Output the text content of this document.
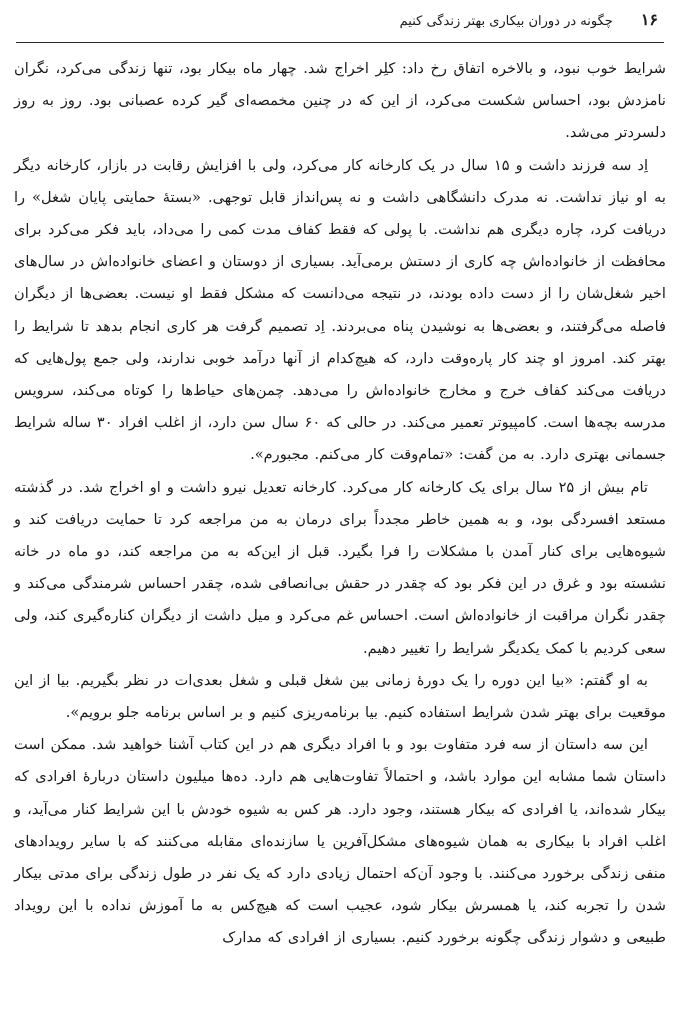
۱۶
چگونه در دوران بیکاری بهتر زندگی کنیم

شرایط خوب نبود، و بالاخره اتفاق رخ داد: کلِر اخراج شد. چهار ماه بیکار بود، تنها زندگی می‌کرد، نگران نامزدش بود، احساس شکست می‌کرد، از این که در چنین مخمصه‌ای گیر کرده عصبانی بود. روز به روز دلسردتر می‌شد.

اِد سه فرزند داشت و ۱۵ سال در یک کارخانه کار می‌کرد، ولی با افزایش رقابت در بازار، کارخانه دیگر به او نیاز نداشت. نه مدرک دانشگاهی داشت و نه پس‌انداز قابل توجهی. «بستهٔ حمایتی پایان شغل» را دریافت کرد، چاره دیگری هم نداشت. با پولی که فقط کفاف مدت کمی را می‌داد، باید فکر می‌کرد برای محافظت از خانواده‌اش چه کاری از دستش برمی‌آید. بسیاری از دوستان و اعضای خانواده‌اش در سال‌های اخیر شغل‌شان را از دست داده بودند، در نتیجه می‌دانست که مشکل فقط او نیست. بعضی‌ها از دیگران فاصله می‌گرفتند، و بعضی‌ها به نوشیدن پناه می‌بردند. اِد تصمیم گرفت هر کاری انجام بدهد تا شرایط را بهتر کند. امروز او چند کار پاره‌وقت دارد، که هیچ‌کدام از آنها درآمد خوبی ندارند، ولی جمع پول‌هایی که دریافت می‌کند کفاف خرج و مخارج خانواده‌اش را می‌دهد. چمن‌های حیاط‌ها را کوتاه می‌کند، سرویس مدرسه بچه‌ها است. کامپیوتر تعمیر می‌کند. در حالی که ۶۰ سال سن دارد، از اغلب افراد ۳۰ ساله شرایط جسمانی بهتری دارد. به من گفت: «تمام‌وقت کار می‌کنم. مجبورم».

تام بیش از ۲۵ سال برای یک کارخانه کار می‌کرد. کارخانه تعدیل نیرو داشت و او اخراج شد. در گذشته مستعد افسردگی بود، و به همین خاطر مجدداً برای درمان به من مراجعه کرد تا حمایت دریافت کند و شیوه‌هایی برای کنار آمدن با مشکلات را فرا بگیرد. قبل از این‌که به من مراجعه کند، دو ماه در خانه نشسته بود و غرق در این فکر بود که چقدر در حقش بی‌انصافی شده، چقدر احساس شرمندگی می‌کند و چقدر نگران مراقبت از خانواده‌اش است. احساس غم می‌کرد و میل داشت از دیگران کناره‌گیری کند، ولی سعی کردیم با کمک یکدیگر شرایط را تغییر دهیم.

به او گفتم: «بیا این دوره را یک دورهٔ زمانی بین شغل قبلی و شغل بعدی‌ات در نظر بگیریم. بیا از این موقعیت برای بهتر شدن شرایط استفاده کنیم. بیا برنامه‌ریزی کنیم و بر اساس برنامه جلو برویم».

این سه داستان از سه فرد متفاوت بود و با افراد دیگری هم در این کتاب آشنا خواهید شد. ممکن است داستان شما مشابه این موارد باشد، و احتمالاً تفاوت‌هایی هم دارد. ده‌ها میلیون داستان دربارهٔ افرادی که بیکار شده‌اند، یا افرادی که بیکار هستند، وجود دارد. هر کس به شیوه خودش با این شرایط کنار می‌آید، و اغلب افراد با بیکاری به همان شیوه‌های مشکل‌آفرین یا سازنده‌ای مقابله می‌کنند که با سایر رویدادهای منفی زندگی برخورد می‌کنند. با وجود آن‌که احتمال زیادی دارد که یک نفر در طول زندگی برای مدتی بیکار شدن را تجربه کند، یا همسرش بیکار شود، عجیب است که هیچ‌کس به ما آموزش نداده با این رویداد طبیعی و دشوار زندگی چگونه برخورد کنیم. بسیاری از افرادی که مدارک
